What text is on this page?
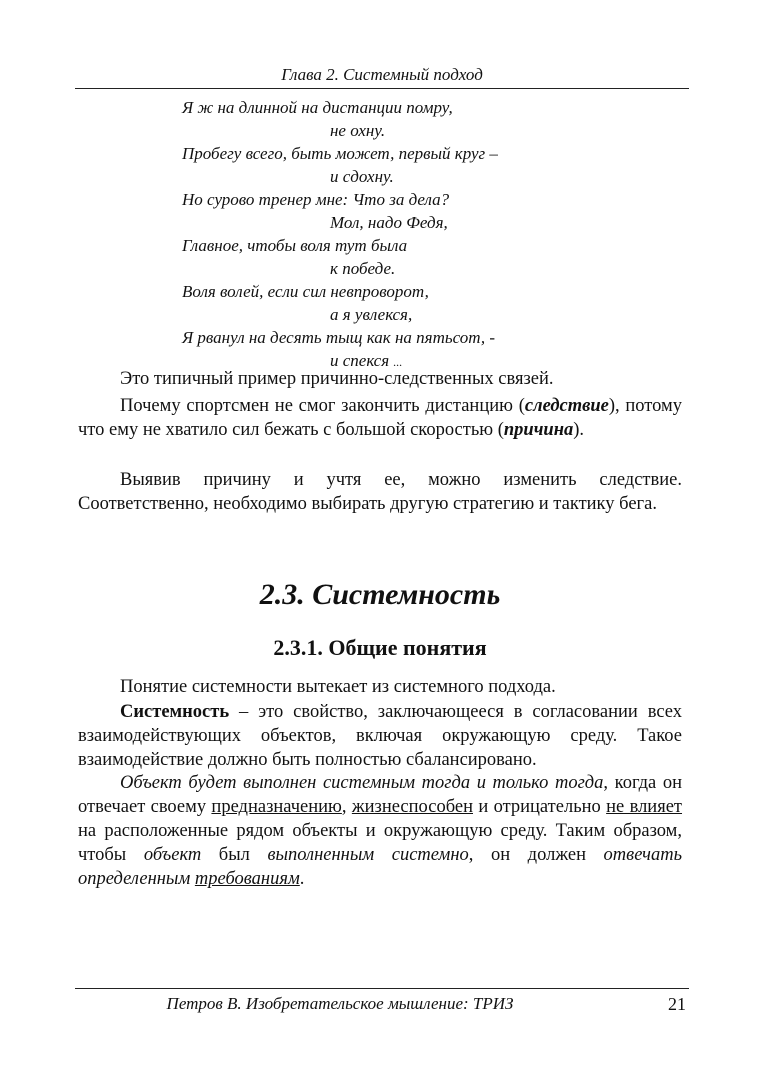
Глава 2. Системный подход
Я ж на длинной на дистанции помру,
не охну.
Пробегу всего, быть может, первый круг –
и сдохну.
Но сурово тренер мне: Что за дела?
Мол, надо Федя,
Главное, чтобы воля тут была
к победе.
Воля волей, если сил невпроворот,
а я увлекся,
Я рванул на десять тыщ как на пятьсот, -
и спекся ...

Это типичный пример причинно-следственных связей.

Почему спортсмен не смог закончить дистанцию (следствие), потому что ему не хватило сил бежать с большой скоростью (причина).

Выявив причину и учтя ее, можно изменить следствие. Соответственно, необходимо выбирать другую стратегию и тактику бега.

2.3. Системность
2.3.1. Общие понятия

Понятие системности вытекает из системного подхода.

Системность – это свойство, заключающееся в согласовании всех взаимодействующих объектов, включая окружающую среду. Такое взаимодействие должно быть полностью сбалансировано.

Объект будет выполнен системным тогда и только тогда, когда он отвечает своему предназначению, жизнеспособен и отрицательно не влияет на расположенные рядом объекты и окружающую среду. Таким образом, чтобы объект был выполненным системно, он должен отвечать определенным требованиям.

Петров В. Изобретательское мышление: ТРИЗ	21
